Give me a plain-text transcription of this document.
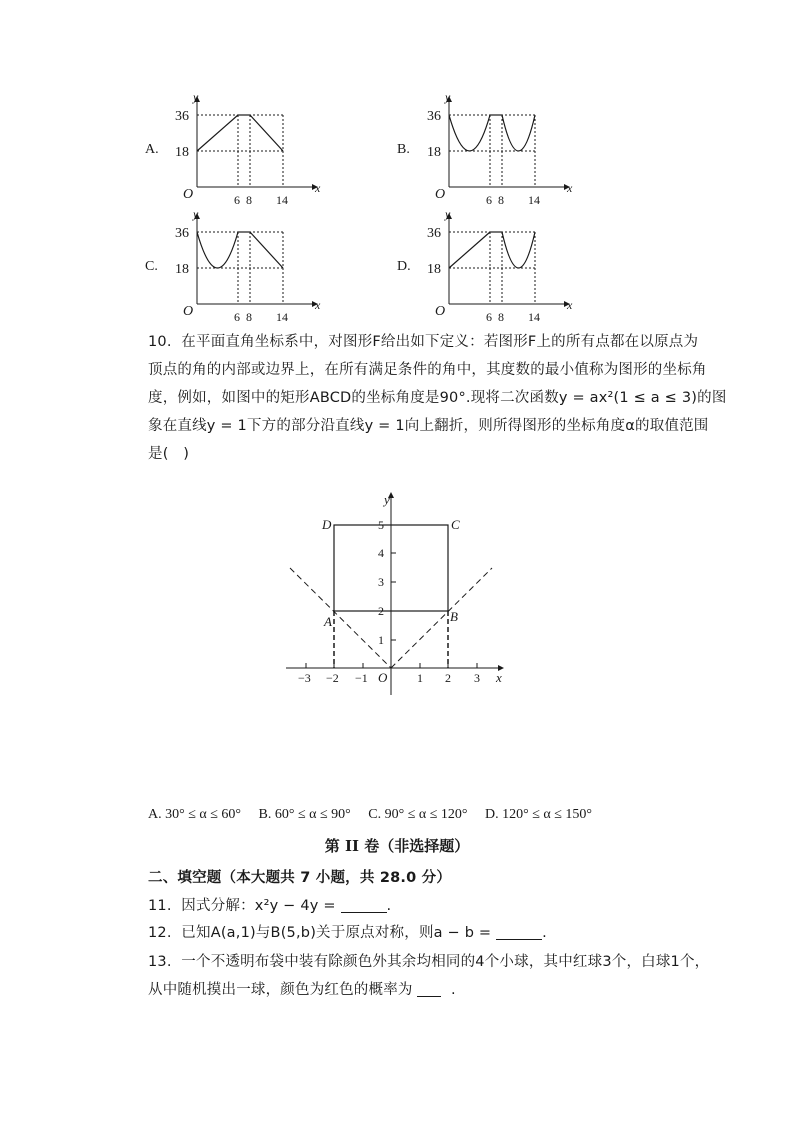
A.
36
18
y
x
O	6 8 14
B.
36
18
y
x
O	6 8 14
C.
36
18
y
x
O	6 8 14
D.
36
18
y
x
O	6 8 14
10. 在平面直角坐标系中，对图形F给出如下定义：若图形F上的所有点都在以原点为
顶点的角的内部或边界上，在所有满足条件的角中，其度数的最小值称为图形的坐标角
度，例如，如图中的矩形ABCD的坐标角度是90°.现将二次函数y = ax²(1 ≤ a ≤ 3)的图
象在直线y = 1下方的部分沿直线y = 1向上翻折，则所得图形的坐标角度α的取值范围
是(　)
y
x
O
D	C
A	B
5
4
3
2
1
−3 −2 −1	1 2 3
A. 30° ≤ α ≤ 60° B. 60° ≤ α ≤ 90° C. 90° ≤ α ≤ 120° D. 120° ≤ α ≤ 150°
第 II 卷（非选择题）
二、填空题（本大题共 7 小题，共 28.0 分）
11. 因式分解：x²y − 4y =	.
12. 已知A(a,1)与B(5,b)关于原点对称，则a − b =	.
13. 一个不透明布袋中装有除颜色外其余均相同的4个小球，其中红球3个，白球1个，
从中随机摸出一球，颜色为红色的概率为	.
